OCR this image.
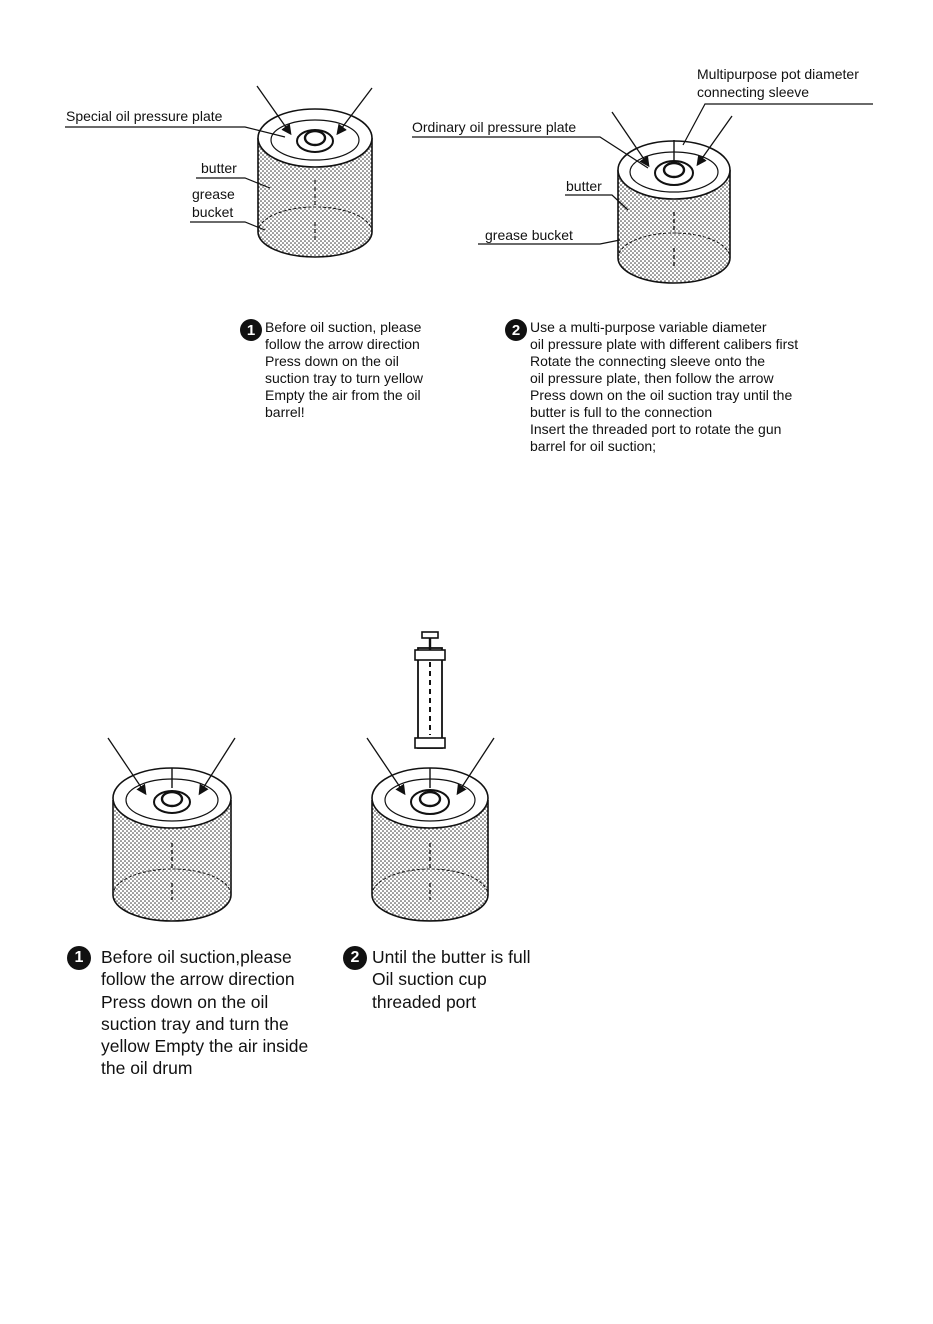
Special oil pressure plate
butter
grease
bucket
Multipurpose pot diameter
connecting sleeve
Ordinary oil pressure plate
butter
grease bucket
1 Before oil suction, please
follow the arrow direction
Press down on the oil
suction tray to turn yellow
Empty the air from the oil
barrel!
2 Use a multi-purpose variable diameter
oil pressure plate with different calibers first
Rotate the connecting sleeve onto the
oil pressure plate, then follow the arrow
Press down on the oil suction tray until the
butter is full to the connection
Insert the threaded port to rotate the gun
barrel for oil suction;
1	Before oil suction,please
follow the arrow direction
Press down on the oil
suction tray and turn the
yellow Empty the air inside
the oil drum
2 Until the butter is full
Oil suction cup
threaded port
